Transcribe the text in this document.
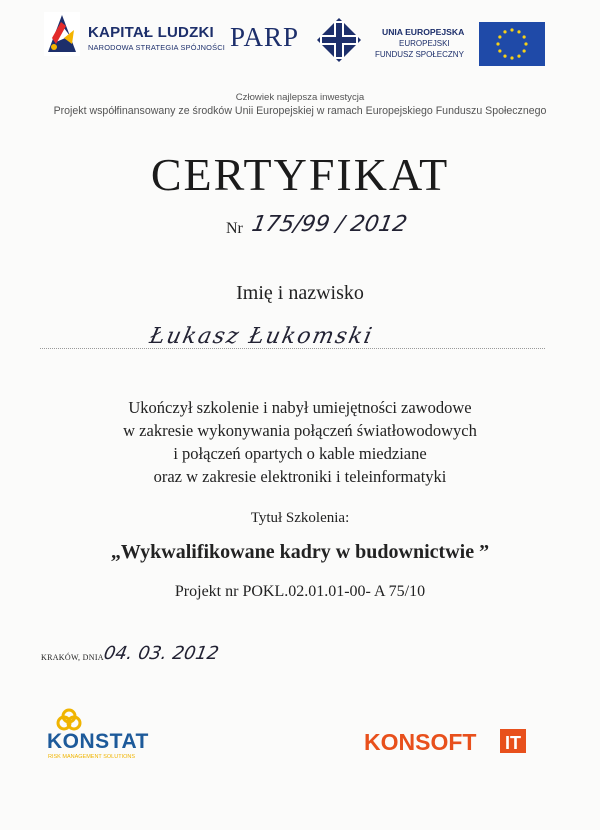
KAPITAŁ LUDZKI
NARODOWA STRATEGIA SPÓJNOŚCI PARP	UNIA EUROPEJSKA
EUROPEJSKI
FUNDUSZ SPOŁECZNY
Człowiek najlepsza inwestycja
Projekt współfinansowany ze środków Unii Europejskiej w ramach Europejskiego Funduszu Społecznego
CERTYFIKAT
Nr 175/99 / 2012
Imię i nazwisko
Łukasz Łukomski
Ukończył szkolenie i nabył umiejętności zawodowe
w zakresie wykonywania połączeń światłowodowych
i połączeń opartych o kable miedziane
oraz w zakresie elektroniki i teleinformatyki
Tytuł Szkolenia:
„Wykwalifikowane kadry w budownictwie ”
Projekt nr POKL.02.01.01-00- A 75/10
KRAKÓW, DNIA
04. 03. 2012
KONSTAT
RISK MANAGEMENT SOLUTIONS
KONSOFT IT
